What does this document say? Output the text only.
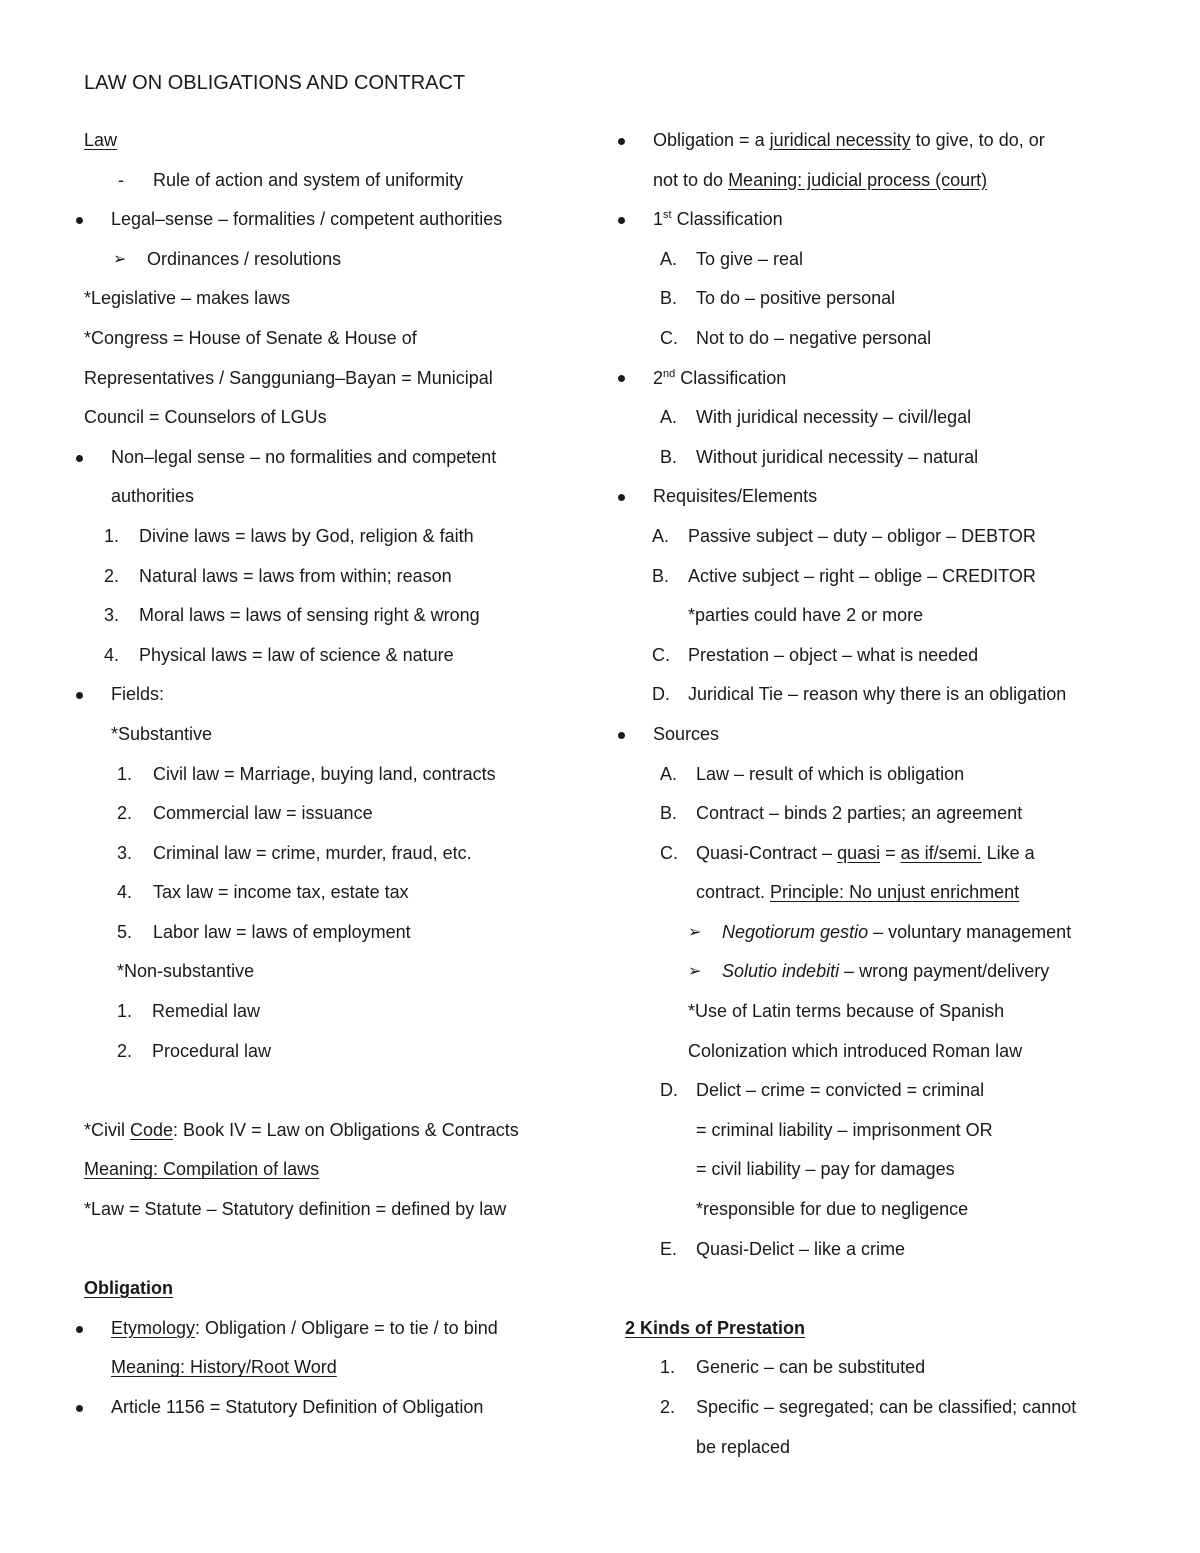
LAW ON OBLIGATIONS AND CONTRACT
Law
- Rule of action and system of uniformity
Legal–sense – formalities / competent authorities
➢ Ordinances / resolutions
*Legislative – makes laws
*Congress = House of Senate & House of
Representatives / Sangguniang–Bayan = Municipal
Council = Counselors of LGUs
Non–legal sense – no formalities and competent
authorities
1. Divine laws = laws by God, religion & faith
2. Natural laws = laws from within; reason
3. Moral laws = laws of sensing right & wrong
4. Physical laws = law of science & nature
Fields:
*Substantive
1. Civil law = Marriage, buying land, contracts
2. Commercial law = issuance
3. Criminal law = crime, murder, fraud, etc.
4. Tax law = income tax, estate tax
5. Labor law = laws of employment
*Non-substantive
1. Remedial law
2. Procedural law
*Civil Code: Book IV = Law on Obligations & Contracts
Meaning: Compilation of laws
*Law = Statute – Statutory definition = defined by law
Obligation
Etymology: Obligation / Obligare = to tie / to bind
Meaning: History/Root Word
Article 1156 = Statutory Definition of Obligation
Obligation = a juridical necessity to give, to do, or
not to do Meaning: judicial process (court)
1st Classification
A. To give – real
B. To do – positive personal
C. Not to do – negative personal
2nd Classification
A. With juridical necessity – civil/legal
B. Without juridical necessity – natural
Requisites/Elements
A. Passive subject – duty – obligor – DEBTOR
B. Active subject – right – oblige – CREDITOR
*parties could have 2 or more
C. Prestation – object – what is needed
D. Juridical Tie – reason why there is an obligation
Sources
A. Law – result of which is obligation
B. Contract – binds 2 parties; an agreement
C. Quasi-Contract – quasi = as if/semi. Like a
contract. Principle: No unjust enrichment
➢ Negotiorum gestio – voluntary management
➢ Solutio indebiti – wrong payment/delivery
*Use of Latin terms because of Spanish
Colonization which introduced Roman law
D. Delict – crime = convicted = criminal
= criminal liability – imprisonment OR
= civil liability – pay for damages
*responsible for due to negligence
E. Quasi-Delict – like a crime
2 Kinds of Prestation
1. Generic – can be substituted
2. Specific – segregated; can be classified; cannot
be replaced
